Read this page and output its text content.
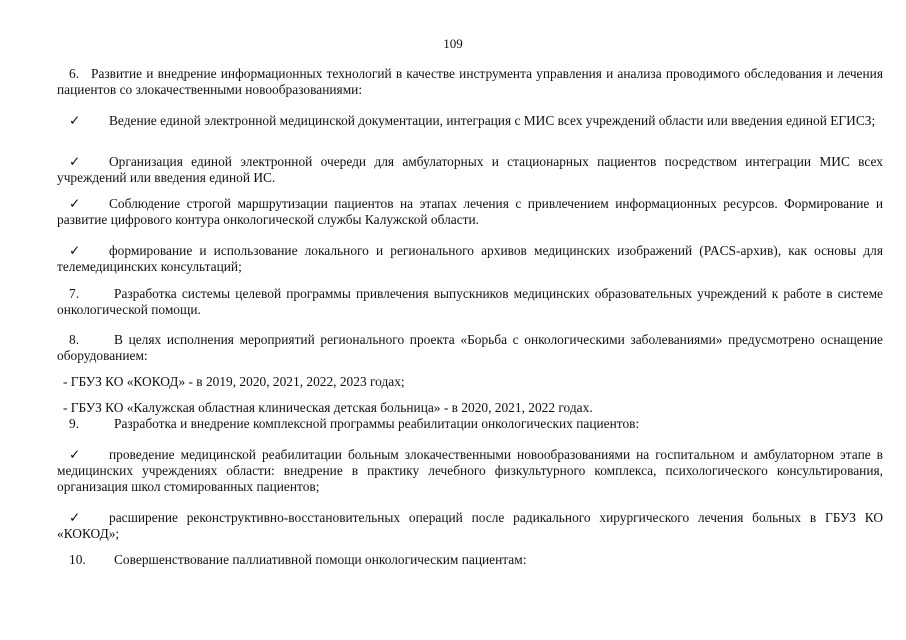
109

6. Развитие и внедрение информационных технологий в качестве инструмента управления и анализа проводимого обследования и лечения пациентов со злокачественными новообразованиями:

✓ Ведение единой электронной медицинской документации, интеграция с МИС всех учреждений области или введения единой ЕГИСЗ;

✓ Организация единой электронной очереди для амбулаторных и стационарных пациентов посредством интеграции МИС всех учреждений или введения единой ИС.

✓ Соблюдение строгой маршрутизации пациентов на этапах лечения с привлечением информационных ресурсов. Формирование и развитие цифрового контура онкологической службы Калужской области.

✓ формирование и использование локального и регионального архивов медицинских изображений (PACS-архив), как основы для телемедицинских консультаций;

7.	Разработка системы целевой программы привлечения выпускников медицинских образовательных учреждений к работе в системе онкологической помощи.

8.	В целях исполнения мероприятий регионального проекта «Борьба с онкологическими заболеваниями» предусмотрено оснащение оборудованием:

- ГБУЗ КО «КОКОД» - в 2019, 2020, 2021, 2022, 2023 годах;

- ГБУЗ КО «Калужская областная клиническая детская больница» - в 2020, 2021, 2022 годах.

9.	Разработка и внедрение комплексной программы реабилитации онкологических пациентов:

✓ проведение медицинской реабилитации больным злокачественными новообразованиями на госпитальном и амбулаторном этапе в медицинских учреждениях области: внедрение в практику лечебного физкультурного комплекса, психологического консультирования, организация школ стомированных пациентов;

✓ расширение реконструктивно-восстановительных операций после радикального хирургического лечения больных в ГБУЗ КО «КОКОД»;

10. Совершенствование паллиативной помощи онкологическим пациентам:
